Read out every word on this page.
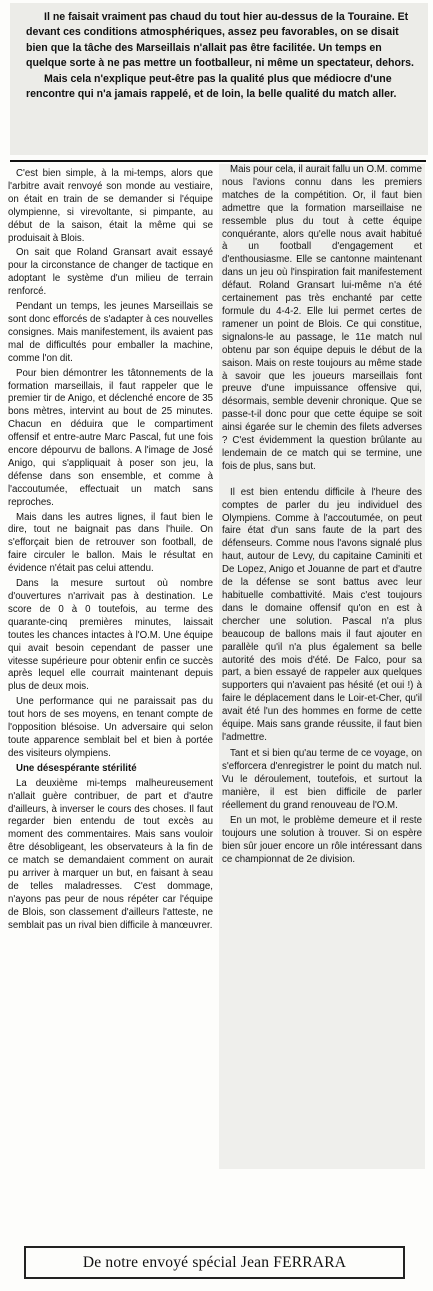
Il ne faisait vraiment pas chaud du tout hier au-dessus de la Touraine. Et devant ces conditions atmosphériques, assez peu favorables, on se disait bien que la tâche des Marseillais n'allait pas être facilitée. Un temps en quelque sorte à ne pas mettre un footballeur, ni même un spectateur, dehors.

Mais cela n'explique peut-être pas la qualité plus que médiocre d'une rencontre qui n'a jamais rappelé, et de loin, la belle qualité du match aller.

C'est bien simple, à la mi-temps, alors que l'arbitre avait renvoyé son monde au vestiaire, on était en train de se demander si l'équipe olympienne, si virevoltante, si pimpante, au début de la saison, était la même qui se produisait à Blois.

On sait que Roland Gransart avait essayé pour la circonstance de changer de tactique en adoptant le système d'un milieu de terrain renforcé.

Pendant un temps, les jeunes Marseillais se sont donc efforcés de s'adapter à ces nouvelles consignes. Mais manifestement, ils avaient pas mal de difficultés pour emballer la machine, comme l'on dit.

Pour bien démontrer les tâtonnements de la formation marseillais, il faut rappeler que le premier tir de Anigo, et déclenché encore de 35 bons mètres, intervint au bout de 25 minutes. Chacun en déduira que le compartiment offensif et entre-autre Marc Pascal, fut une fois encore dépourvu de ballons. A l'image de José Anigo, qui s'appliquait à poser son jeu, la défense dans son ensemble, et comme à l'accoutumée, effectuait un match sans reproches.

Mais dans les autres lignes, il faut bien le dire, tout ne baignait pas dans l'huile. On s'efforçait bien de retrouver son football, de faire circuler le ballon. Mais le résultat en évidence n'était pas celui attendu.

Dans la mesure surtout où nombre d'ouvertures n'arrivait pas à destination. Le score de 0 à 0 toutefois, au terme des quarante-cinq premières minutes, laissait toutes les chances intactes à l'O.M. Une équipe qui avait besoin cependant de passer une vitesse supérieure pour obtenir enfin ce succès après lequel elle courrait maintenant depuis plus de deux mois.

Une performance qui ne paraissait pas du tout hors de ses moyens, en tenant compte de l'opposition blésoise. Un adversaire qui selon toute apparence semblait bel et bien à portée des visiteurs olympiens.

Une désespérante stérilité

La deuxième mi-temps malheureusement n'allait guère contribuer, de part et d'autre d'ailleurs, à inverser le cours des choses. Il faut regarder bien entendu de tout excès au moment des commentaires. Mais sans vouloir être désobligeant, les observateurs à la fin de ce match se demandaient comment on aurait pu arriver à marquer un but, en faisant à seau de telles maladresses. C'est dommage, n'ayons pas peur de nous répéter car l'équipe de Blois, son classement d'ailleurs l'atteste, ne semblait pas un rival bien difficile à manœuvrer.

Mais pour cela, il aurait fallu un O.M. comme nous l'avions connu dans les premiers matches de la compétition. Or, il faut bien admettre que la formation marseillaise ne ressemble plus du tout à cette équipe conquérante, alors qu'elle nous avait habitué à un football d'engagement et d'enthousiasme. Elle se cantonne maintenant dans un jeu où l'inspiration fait manifestement défaut. Roland Gransart lui-même n'a été certainement pas très enchanté par cette formule du 4-4-2. Elle lui permet certes de ramener un point de Blois. Ce qui constitue, signalons-le au passage, le 11e match nul obtenu par son équipe depuis le début de la saison. Mais on reste toujours au même stade à savoir que les joueurs marseillais font preuve d'une impuissance offensive qui, désormais, semble devenir chronique. Que se passe-t-il donc pour que cette équipe se soit ainsi égarée sur le chemin des filets adverses ? C'est évidemment la question brûlante au lendemain de ce match qui se termine, une fois de plus, sans but.

Il est bien entendu difficile à l'heure des comptes de parler du jeu individuel des Olympiens. Comme à l'accoutumée, on peut faire état d'un sans faute de la part des défenseurs. Comme nous l'avons signalé plus haut, autour de Levy, du capitaine Caminiti et De Lopez, Anigo et Jouanne de part et d'autre de la défense se sont battus avec leur habituelle combattivité. Mais c'est toujours dans le domaine offensif qu'on en est à chercher une solution. Pascal n'a plus beaucoup de ballons mais il faut ajouter en parallèle qu'il n'a plus également sa belle autorité des mois d'été. De Falco, pour sa part, a bien essayé de rappeler aux quelques supporters qui n'avaient pas hésité (et oui !) à faire le déplacement dans le Loir-et-Cher, qu'il avait été l'un des hommes en forme de cette équipe. Mais sans grande réussite, il faut bien l'admettre.

Tant et si bien qu'au terme de ce voyage, on s'efforcera d'enregistrer le point du match nul. Vu le déroulement, toutefois, et surtout la manière, il est bien difficile de parler réellement du grand renouveau de l'O.M.

En un mot, le problème demeure et il reste toujours une solution à trouver. Si on espère bien sûr jouer encore un rôle intéressant dans ce championnat de 2e division.

De notre envoyé spécial Jean FERRARA
